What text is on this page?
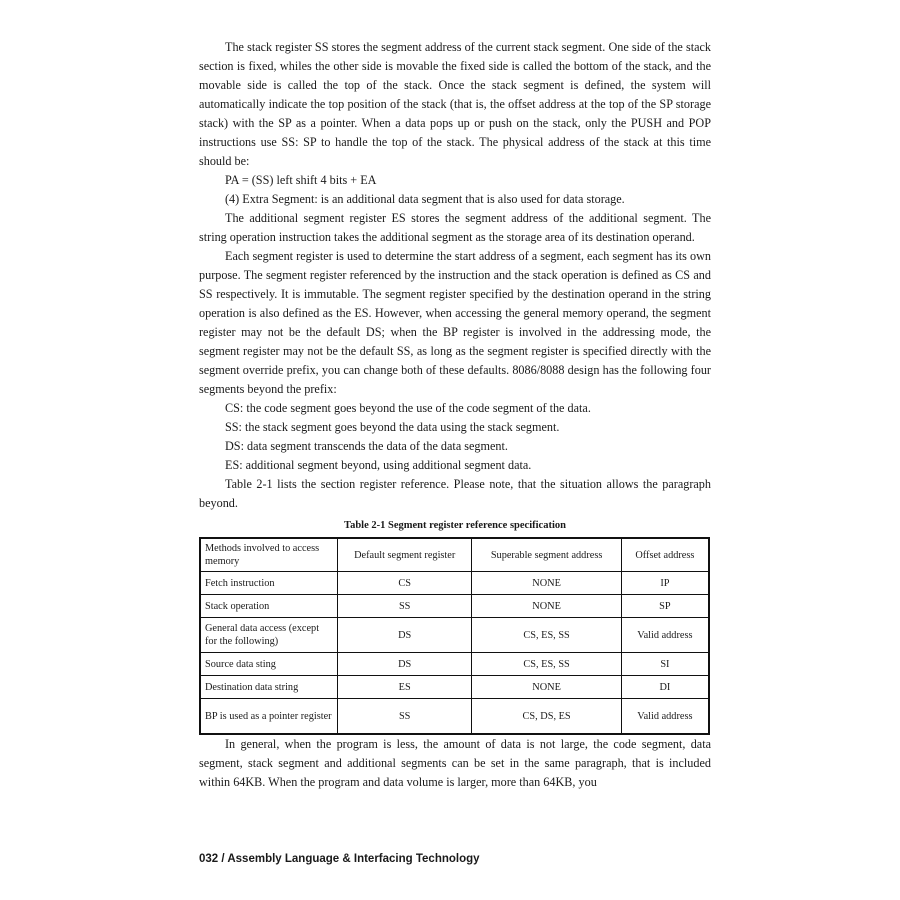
The stack register SS stores the segment address of the current stack segment. One side of the stack section is fixed, whiles the other side is movable the fixed side is called the bottom of the stack, and the movable side is called the top of the stack. Once the stack segment is defined, the system will automatically indicate the top position of the stack (that is, the offset address at the top of the SP storage stack) with the SP as a pointer. When a data pops up or push on the stack, only the PUSH and POP instructions use SS: SP to handle the top of the stack. The physical address of the stack at this time should be:

PA = (SS) left shift 4 bits + EA

(4) Extra Segment: is an additional data segment that is also used for data storage.

The additional segment register ES stores the segment address of the additional segment. The string operation instruction takes the additional segment as the storage area of its destination operand.

Each segment register is used to determine the start address of a segment, each segment has its own purpose. The segment register referenced by the instruction and the stack operation is defined as CS and SS respectively. It is immutable. The segment register specified by the destination operand in the string operation is also defined as the ES. However, when accessing the general memory operand, the segment register may not be the default DS; when the BP register is involved in the addressing mode, the segment register may not be the default SS, as long as the segment register is specified directly with the segment override prefix, you can change both of these defaults. 8086/8088 design has the following four segments beyond the prefix:

CS: the code segment goes beyond the use of the code segment of the data.

SS: the stack segment goes beyond the data using the stack segment.

DS: data segment transcends the data of the data segment.

ES: additional segment beyond, using additional segment data.

Table 2-1 lists the section register reference. Please note, that the situation allows the paragraph beyond.

Table 2-1 Segment register reference specification
Methods involved to access memory	Default segment register	Superable segment address	Offset address
Fetch instruction	CS	NONE	IP
Stack operation	SS	NONE	SP
General data access (except for the following)	DS	CS, ES, SS	Valid address
Source data sting	DS	CS, ES, SS	SI
Destination data string	ES	NONE	DI
BP is used as a pointer register	SS	CS, DS, ES	Valid address

In general, when the program is less, the amount of data is not large, the code segment, data segment, stack segment and additional segments can be set in the same paragraph, that is included within 64KB. When the program and data volume is larger, more than 64KB, you

032 / Assembly Language & Interfacing Technology
